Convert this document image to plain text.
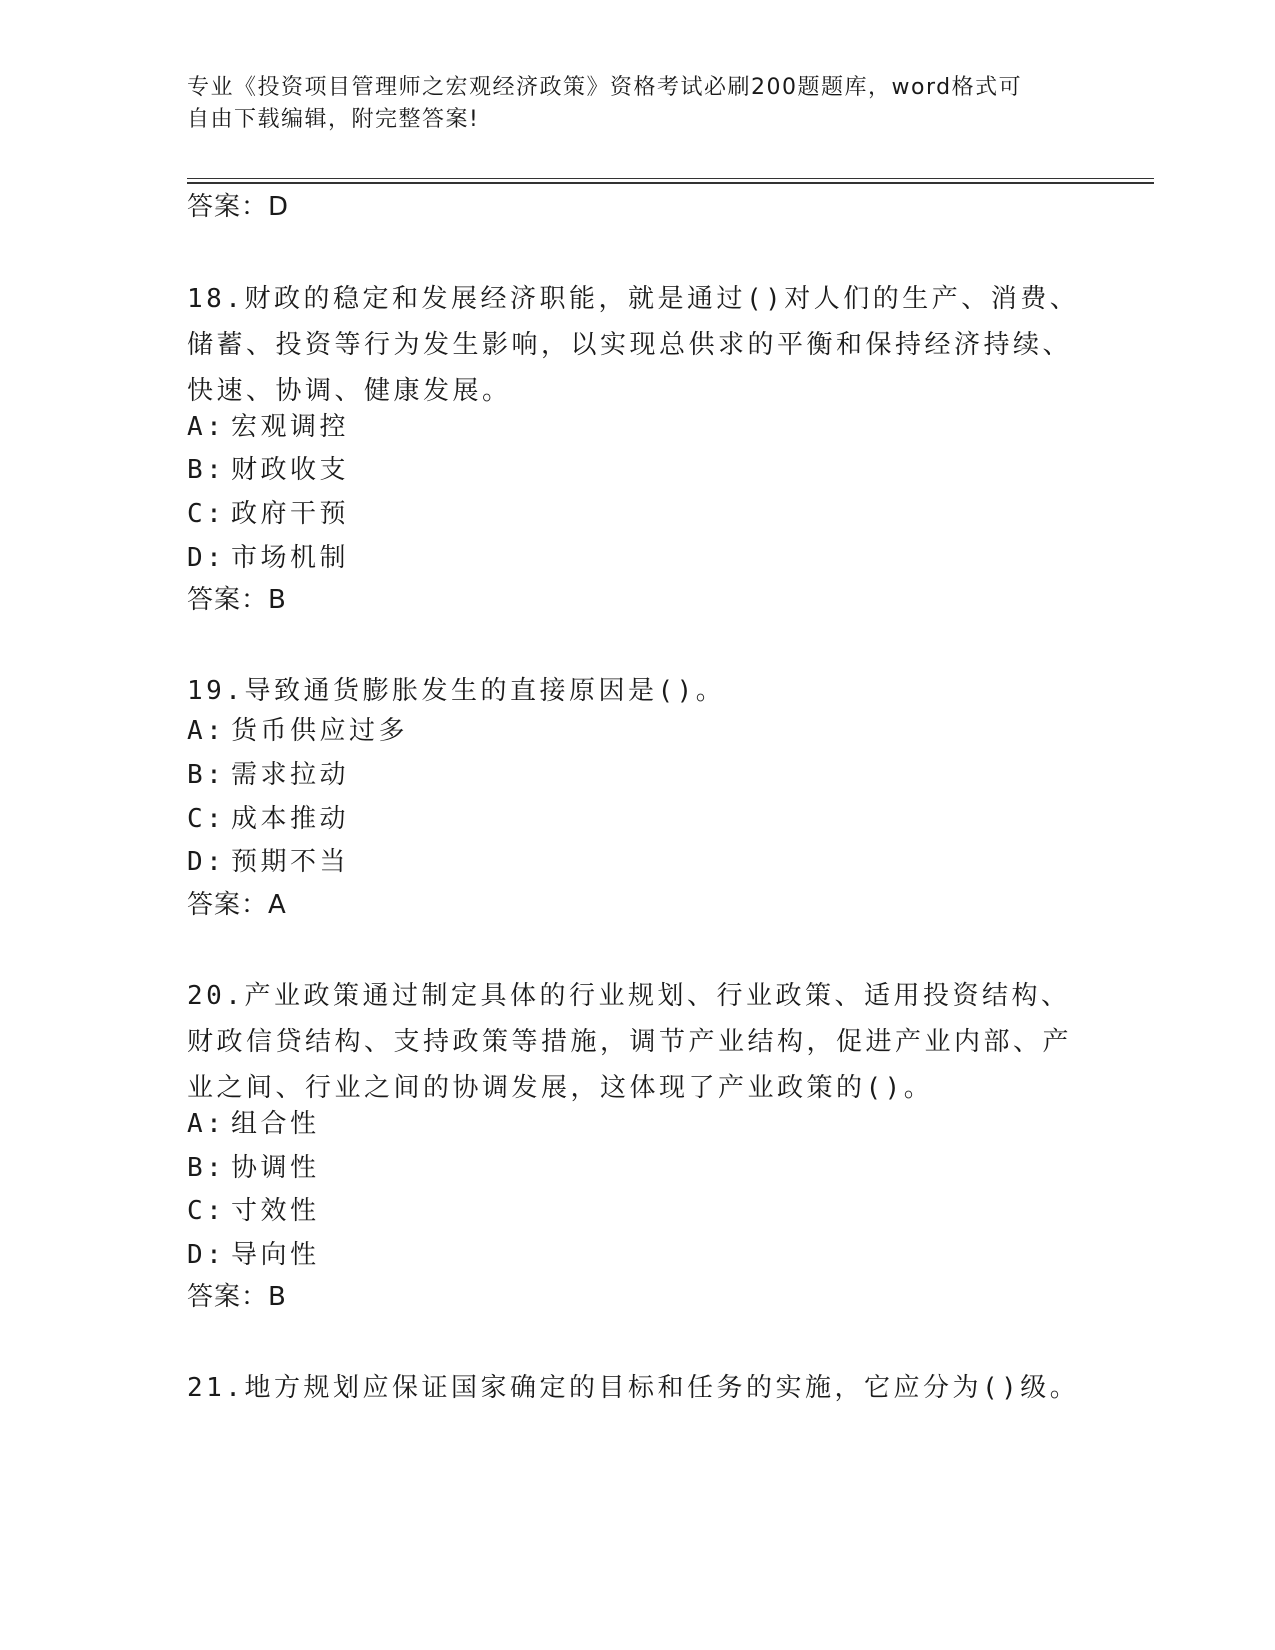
专业《投资项目管理师之宏观经济政策》资格考试必刷200题题库，word格式可
自由下载编辑，附完整答案!
答案：D
18.财政的稳定和发展经济职能，就是通过()对人们的生产、消费、储蓄、投资等行为发生影响，以实现总供求的平衡和保持经济持续、快速、协调、健康发展。
A: 宏观调控
B: 财政收支
C: 政府干预
D: 市场机制
答案：B
19.导致通货膨胀发生的直接原因是()。
A: 货币供应过多
B: 需求拉动
C: 成本推动
D: 预期不当
答案：A
20.产业政策通过制定具体的行业规划、行业政策、适用投资结构、财政信贷结构、支持政策等措施，调节产业结构，促进产业内部、产业之间、行业之间的协调发展，这体现了产业政策的()。
A: 组合性
B: 协调性
C: 寸效性
D: 导向性
答案：B
21.地方规划应保证国家确定的目标和任务的实施，它应分为()级。
